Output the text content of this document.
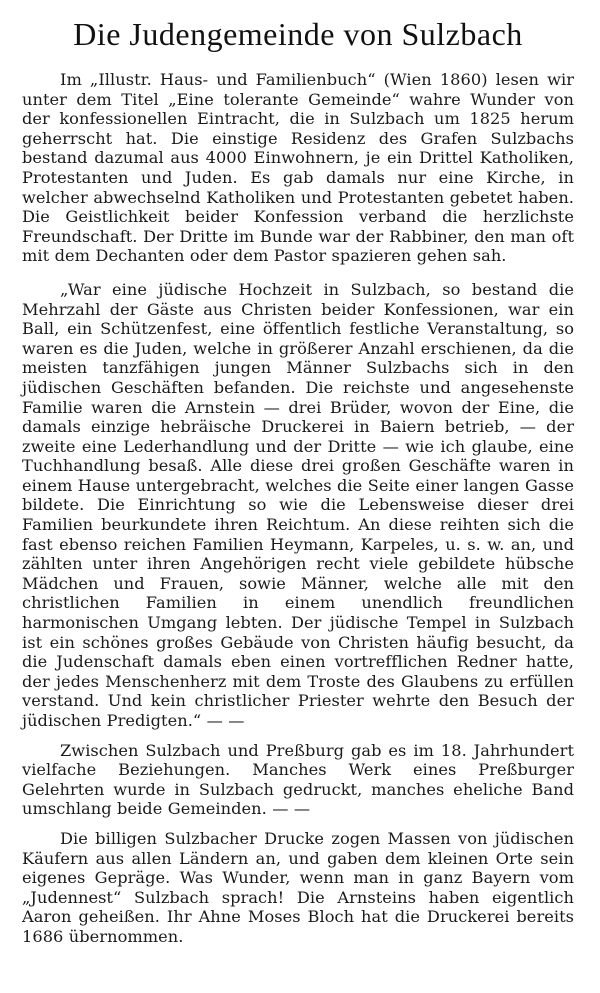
Die Judengemeinde von Sulzbach

Im „Illustr. Haus- und Familienbuch“ (Wien 1860) lesen wir unter dem Titel „Eine tolerante Gemeinde“ wahre Wunder von der konfessionellen Eintracht, die in Sulzbach um 1825 herum geherrscht hat. Die einstige Residenz des Grafen Sulzbachs bestand dazumal aus 4000 Einwohnern, je ein Drittel Katholiken, Protestanten und Juden. Es gab damals nur eine Kirche, in welcher abwechselnd Katholiken und Protestanten gebetet haben. Die Geistlichkeit beider Konfession verband die herzlichste Freundschaft. Der Dritte im Bunde war der Rabbiner, den man oft mit dem Dechanten oder dem Pastor spazieren gehen sah.

„War eine jüdische Hochzeit in Sulzbach, so bestand die Mehrzahl der Gäste aus Christen beider Konfessionen, war ein Ball, ein Schützenfest, eine öffentlich festliche Veranstaltung, so waren es die Juden, welche in größerer Anzahl erschienen, da die meisten tanzfähigen jungen Männer Sulzbachs sich in den jüdischen Geschäften befanden. Die reichste und angesehenste Familie waren die Arnstein — drei Brüder, wovon der Eine, die damals einzige hebräische Druckerei in Baiern betrieb, — der zweite eine Lederhandlung und der Dritte — wie ich glaube, eine Tuchhandlung besaß. Alle diese drei großen Geschäfte waren in einem Hause untergebracht, welches die Seite einer langen Gasse bildete. Die Einrichtung so wie die Lebensweise dieser drei Familien beurkundete ihren Reichtum. An diese reihten sich die fast ebenso reichen Familien Heymann, Karpeles, u. s. w. an, und zählten unter ihren Angehörigen recht viele gebildete hübsche Mädchen und Frauen, sowie Männer, welche alle mit den christlichen Familien in einem unendlich freundlichen harmonischen Umgang lebten. Der jüdische Tempel in Sulzbach ist ein schönes großes Gebäude von Christen häufig besucht, da die Judenschaft damals eben einen vortrefflichen Redner hatte, der jedes Menschenherz mit dem Troste des Glaubens zu erfüllen verstand. Und kein christlicher Priester wehrte den Besuch der jüdischen Predigten.“ — —

Zwischen Sulzbach und Preßburg gab es im 18. Jahrhundert vielfache Beziehungen. Manches Werk eines Preßburger Gelehrten wurde in Sulzbach gedruckt, manches eheliche Band umschlang beide Gemeinden. — —

Die billigen Sulzbacher Drucke zogen Massen von jüdischen Käufern aus allen Ländern an, und gaben dem kleinen Orte sein eigenes Gepräge. Was Wunder, wenn man in ganz Bayern vom „Judennest“ Sulzbach sprach! Die Arnsteins haben eigentlich Aaron geheißen. Ihr Ahne Moses Bloch hat die Druckerei bereits 1686 übernommen.
